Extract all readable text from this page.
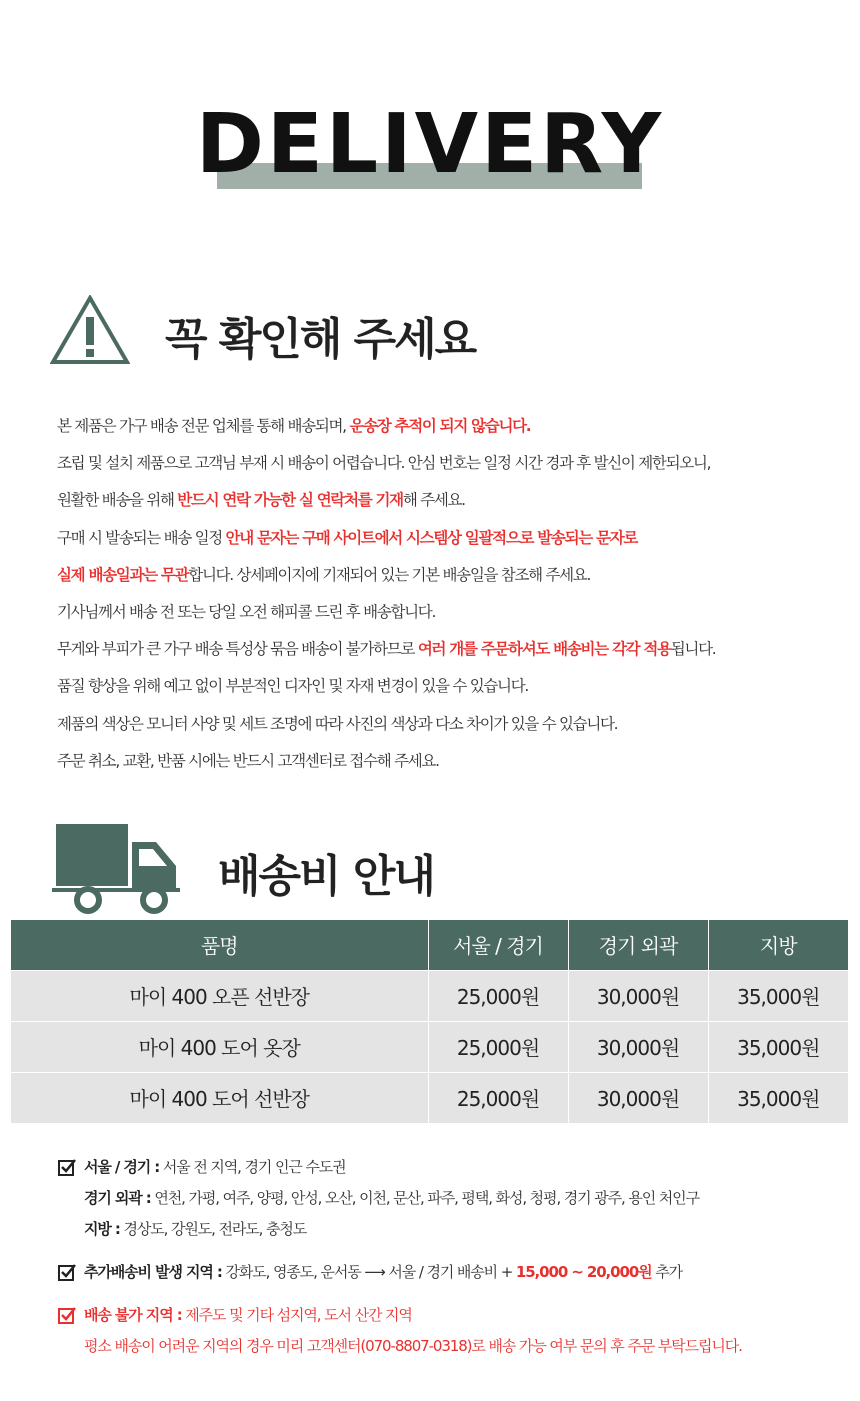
DELIVERY
꼭 확인해 주세요
본 제품은 가구 배송 전문 업체를 통해 배송되며, 운송장 추적이 되지 않습니다.
조립 및 설치 제품으로 고객님 부재 시 배송이 어렵습니다. 안심 번호는 일정 시간 경과 후 발신이 제한되오니,
원활한 배송을 위해 반드시 연락 가능한 실 연락처를 기재해 주세요.
구매 시 발송되는 배송 일정 안내 문자는 구매 사이트에서 시스템상 일괄적으로 발송되는 문자로
실제 배송일과는 무관합니다. 상세페이지에 기재되어 있는 기본 배송일을 참조해 주세요.
기사님께서 배송 전 또는 당일 오전 해피콜 드린 후 배송합니다.
무게와 부피가 큰 가구 배송 특성상 묶음 배송이 불가하므로 여러 개를 주문하셔도 배송비는 각각 적용됩니다.
품질 향상을 위해 예고 없이 부분적인 디자인 및 자재 변경이 있을 수 있습니다.
제품의 색상은 모니터 사양 및 세트 조명에 따라 사진의 색상과 다소 차이가 있을 수 있습니다.
주문 취소, 교환, 반품 시에는 반드시 고객센터로 접수해 주세요.
배송비 안내
품명	서울 / 경기	경기 외곽	지방
마이 400 오픈 선반장	25,000원	30,000원	35,000원
마이 400 도어 옷장	25,000원	30,000원	35,000원
마이 400 도어 선반장	25,000원	30,000원	35,000원
서울 / 경기 : 서울 전 지역, 경기 인근 수도권
경기 외곽 : 연천, 가평, 여주, 양평, 안성, 오산, 이천, 문산, 파주, 평택, 화성, 청평, 경기 광주, 용인 처인구
지방 : 경상도, 강원도, 전라도, 충청도
추가배송비 발생 지역 : 강화도, 영종도, 운서동 ⟶ 서울 / 경기 배송비 + 15,000 ~ 20,000원 추가
배송 불가 지역 : 제주도 및 기타 섬지역, 도서 산간 지역
평소 배송이 어려운 지역의 경우 미리 고객센터(070-8807-0318)로 배송 가능 여부 문의 후 주문 부탁드립니다.
